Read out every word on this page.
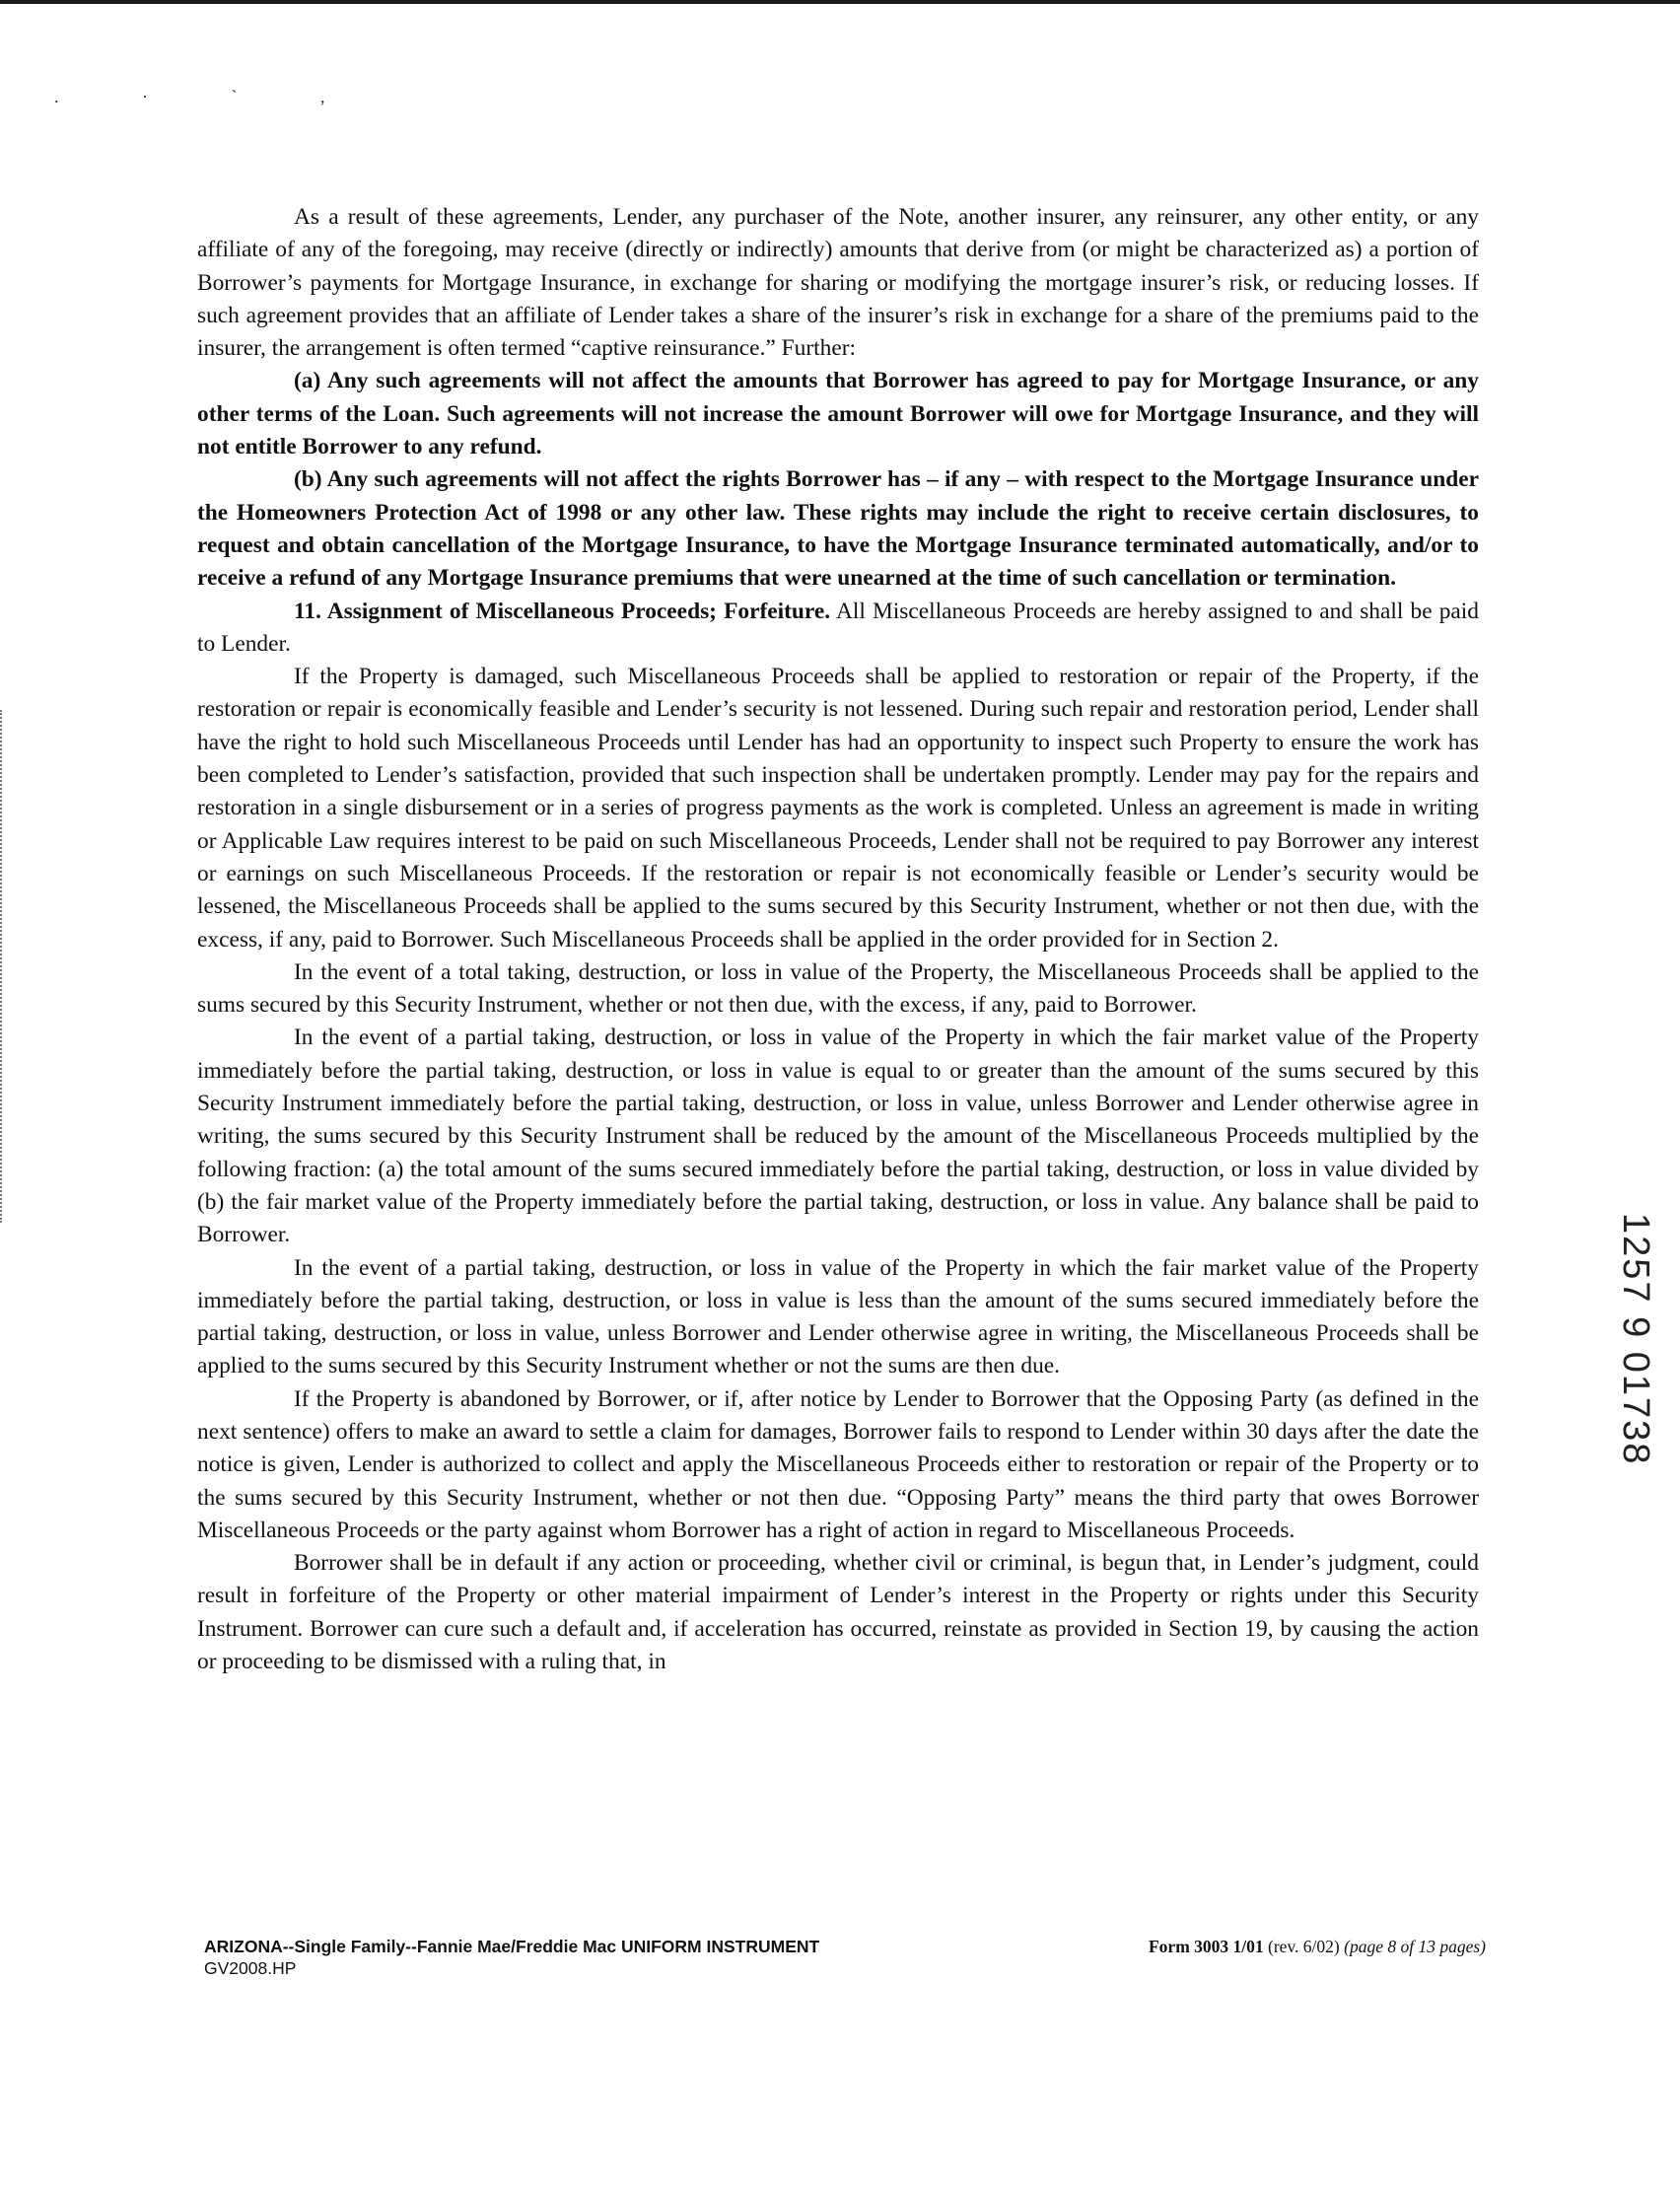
. · ` ,

As a result of these agreements, Lender, any purchaser of the Note, another insurer, any reinsurer, any other entity, or any affiliate of any of the foregoing, may receive (directly or indirectly) amounts that derive from (or might be characterized as) a portion of Borrower’s payments for Mortgage Insurance, in exchange for sharing or modifying the mortgage insurer’s risk, or reducing losses. If such agreement provides that an affiliate of Lender takes a share of the insurer’s risk in exchange for a share of the premiums paid to the insurer, the arrangement is often termed “captive reinsurance.” Further:

(a) Any such agreements will not affect the amounts that Borrower has agreed to pay for Mortgage Insurance, or any other terms of the Loan. Such agreements will not increase the amount Borrower will owe for Mortgage Insurance, and they will not entitle Borrower to any refund.

(b) Any such agreements will not affect the rights Borrower has – if any – with respect to the Mortgage Insurance under the Homeowners Protection Act of 1998 or any other law. These rights may include the right to receive certain disclosures, to request and obtain cancellation of the Mortgage Insurance, to have the Mortgage Insurance terminated automatically, and/or to receive a refund of any Mortgage Insurance premiums that were unearned at the time of such cancellation or termination.

11. Assignment of Miscellaneous Proceeds; Forfeiture. All Miscellaneous Proceeds are hereby assigned to and shall be paid to Lender.

If the Property is damaged, such Miscellaneous Proceeds shall be applied to restoration or repair of the Property, if the restoration or repair is economically feasible and Lender’s security is not lessened. During such repair and restoration period, Lender shall have the right to hold such Miscellaneous Proceeds until Lender has had an opportunity to inspect such Property to ensure the work has been completed to Lender’s satisfaction, provided that such inspection shall be undertaken promptly. Lender may pay for the repairs and restoration in a single disbursement or in a series of progress payments as the work is completed. Unless an agreement is made in writing or Applicable Law requires interest to be paid on such Miscellaneous Proceeds, Lender shall not be required to pay Borrower any interest or earnings on such Miscellaneous Proceeds. If the restoration or repair is not economically feasible or Lender’s security would be lessened, the Miscellaneous Proceeds shall be applied to the sums secured by this Security Instrument, whether or not then due, with the excess, if any, paid to Borrower. Such Miscellaneous Proceeds shall be applied in the order provided for in Section 2.

In the event of a total taking, destruction, or loss in value of the Property, the Miscellaneous Proceeds shall be applied to the sums secured by this Security Instrument, whether or not then due, with the excess, if any, paid to Borrower.

In the event of a partial taking, destruction, or loss in value of the Property in which the fair market value of the Property immediately before the partial taking, destruction, or loss in value is equal to or greater than the amount of the sums secured by this Security Instrument immediately before the partial taking, destruction, or loss in value, unless Borrower and Lender otherwise agree in writing, the sums secured by this Security Instrument shall be reduced by the amount of the Miscellaneous Proceeds multiplied by the following fraction: (a) the total amount of the sums secured immediately before the partial taking, destruction, or loss in value divided by (b) the fair market value of the Property immediately before the partial taking, destruction, or loss in value. Any balance shall be paid to Borrower.

In the event of a partial taking, destruction, or loss in value of the Property in which the fair market value of the Property immediately before the partial taking, destruction, or loss in value is less than the amount of the sums secured immediately before the partial taking, destruction, or loss in value, unless Borrower and Lender otherwise agree in writing, the Miscellaneous Proceeds shall be applied to the sums secured by this Security Instrument whether or not the sums are then due.

If the Property is abandoned by Borrower, or if, after notice by Lender to Borrower that the Opposing Party (as defined in the next sentence) offers to make an award to settle a claim for damages, Borrower fails to respond to Lender within 30 days after the date the notice is given, Lender is authorized to collect and apply the Miscellaneous Proceeds either to restoration or repair of the Property or to the sums secured by this Security Instrument, whether or not then due. “Opposing Party” means the third party that owes Borrower Miscellaneous Proceeds or the party against whom Borrower has a right of action in regard to Miscellaneous Proceeds.

Borrower shall be in default if any action or proceeding, whether civil or criminal, is begun that, in Lender’s judgment, could result in forfeiture of the Property or other material impairment of Lender’s interest in the Property or rights under this Security Instrument. Borrower can cure such a default and, if acceleration has occurred, reinstate as provided in Section 19, by causing the action or proceeding to be dismissed with a ruling that, in

1257 9 01738
ARIZONA--Single Family--Fannie Mae/Freddie Mac UNIFORM INSTRUMENT
GV2008.HP
Form 3003 1/01 (rev. 6/02) (page 8 of 13 pages)
